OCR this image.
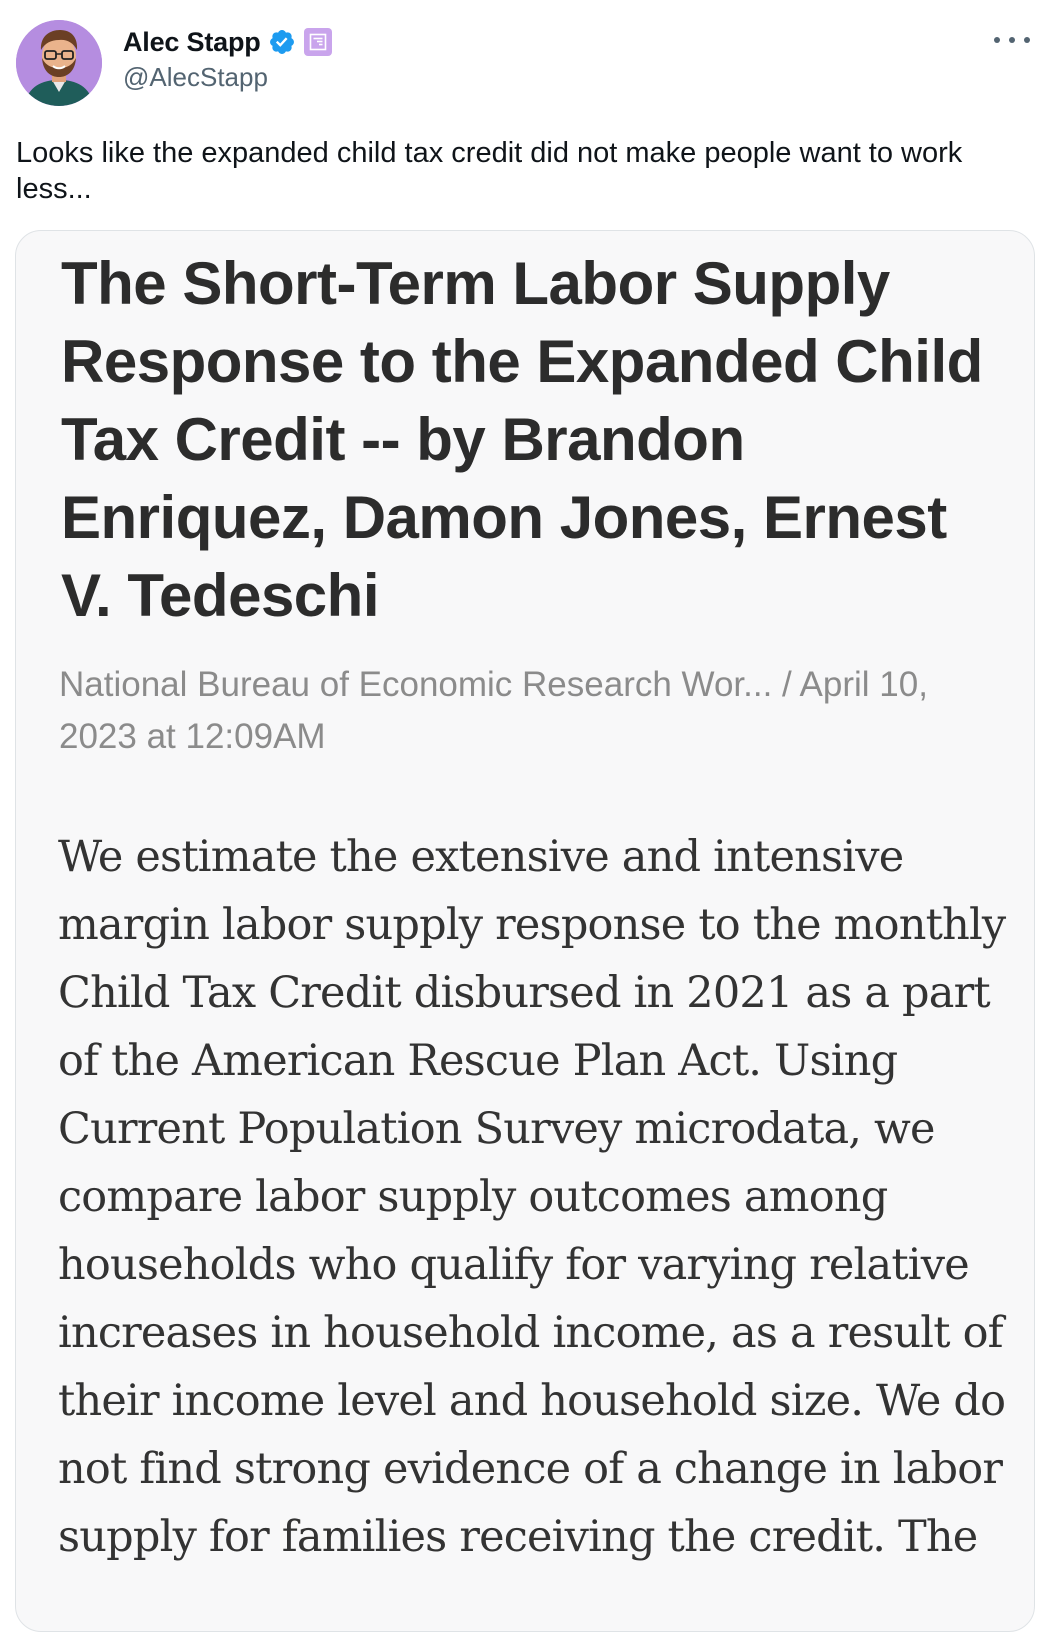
Alec Stapp
@AlecStapp
Looks like the expanded child tax credit did not make people want to work less...
The Short-Term Labor Supply Response to the Expanded Child Tax Credit -- by Brandon Enriquez, Damon Jones, Ernest V. Tedeschi
National Bureau of Economic Research Wor... / April 10, 2023 at 12:09AM
We estimate the extensive and intensive margin labor supply response to the monthly Child Tax Credit disbursed in 2021 as a part of the American Rescue Plan Act. Using Current Population Survey microdata, we compare labor supply outcomes among households who qualify for varying relative increases in household income, as a result of their income level and household size. We do not find strong evidence of a change in labor supply for families receiving the credit. The
